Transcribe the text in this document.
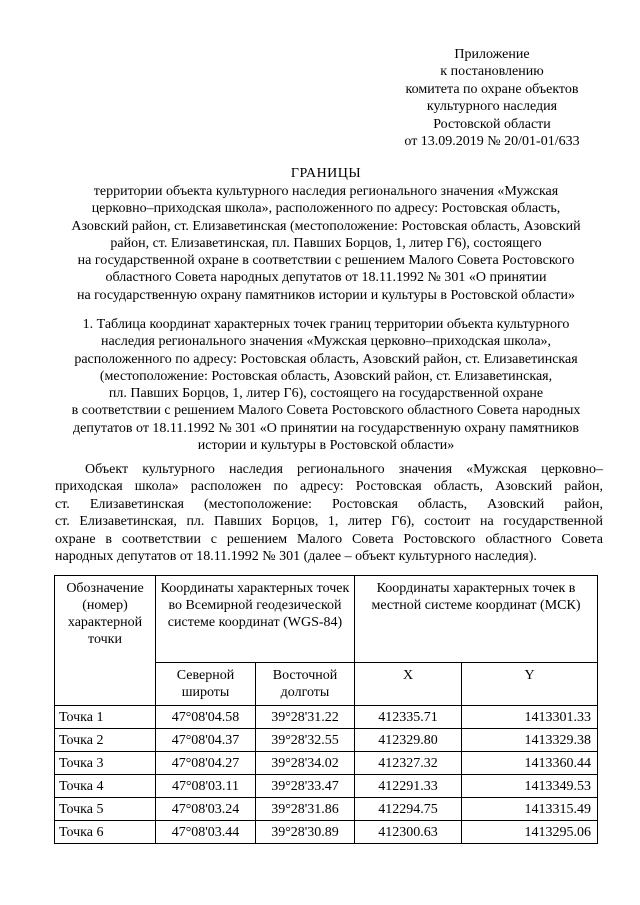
Приложение
к постановлению
комитета по охране объектов
культурного наследия
Ростовской области
от 13.09.2019 № 20/01-01/633
ГРАНИЦЫ
территории объекта культурного наследия регионального значения «Мужская
церковно–приходская школа», расположенного по адресу: Ростовская область,
Азовский район, ст. Елизаветинская (местоположение: Ростовская область, Азовский
район, ст. Елизаветинская, пл. Павших Борцов, 1, литер Г6), состоящего
на государственной охране в соответствии с решением Малого Совета Ростовского
областного Совета народных депутатов от 18.11.1992 № 301 «О принятии
на государственную охрану памятников истории и культуры в Ростовской области»
1. Таблица координат характерных точек границ территории объекта культурного
наследия регионального значения «Мужская церковно–приходская школа»,
расположенного по адресу: Ростовская область, Азовский район, ст. Елизаветинская
(местоположение: Ростовская область, Азовский район, ст. Елизаветинская,
пл. Павших Борцов, 1, литер Г6), состоящего на государственной охране
в соответствии с решением Малого Совета Ростовского областного Совета народных
депутатов от 18.11.1992 № 301 «О принятии на государственную охрану памятников
истории и культуры в Ростовской области»
Объект культурного наследия регионального значения «Мужская церковно–
приходская школа» расположен по адресу: Ростовская область, Азовский район,
ст. Елизаветинская (местоположение: Ростовская область, Азовский район,
ст. Елизаветинская, пл. Павших Борцов, 1, литер Г6), состоит на государственной
охране в соответствии с решением Малого Совета Ростовского областного Совета
народных депутатов от 18.11.1992 № 301 (далее – объект культурного наследия).
Обозначение (номер) характерной точки	Координаты характерных точек во Всемирной геодезической системе координат (WGS-84)		Координаты характерных точек в местной системе координат (МСК)	
	Северной широты	Восточной долготы	X	Y
Точка 1	47°08'04.58	39°28'31.22	412335.71	1413301.33
Точка 2	47°08'04.37	39°28'32.55	412329.80	1413329.38
Точка 3	47°08'04.27	39°28'34.02	412327.32	1413360.44
Точка 4	47°08'03.11	39°28'33.47	412291.33	1413349.53
Точка 5	47°08'03.24	39°28'31.86	412294.75	1413315.49
Точка 6	47°08'03.44	39°28'30.89	412300.63	1413295.06
